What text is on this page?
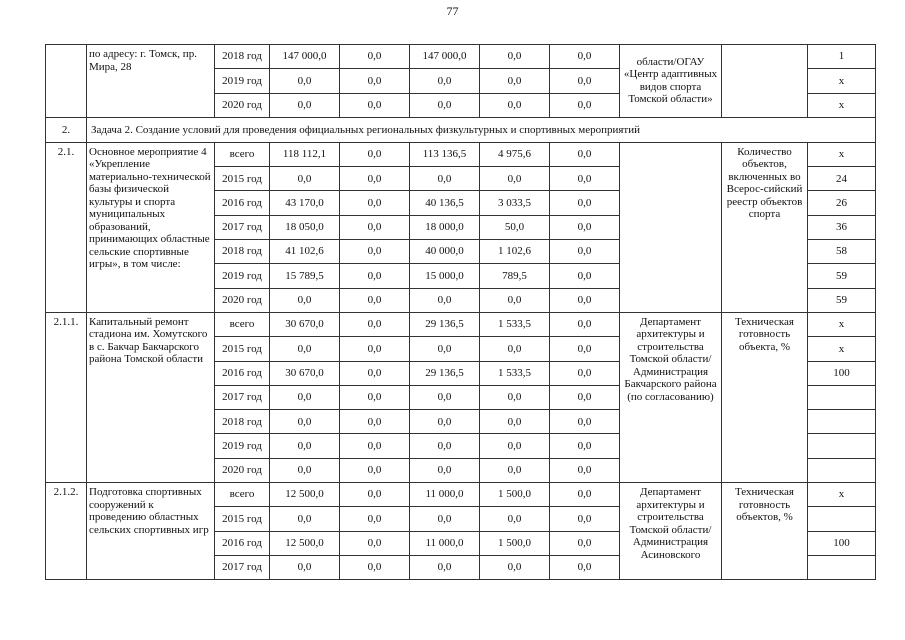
77
	по адресу: г. Томск, пр. Мира, 28	2018 год	147 000,0	0,0	147 000,0	0,0	0,0	области/ОГАУ «Центр адаптивных видов спорта Томской области»		1
		2019 год	0,0	0,0	0,0	0,0	0,0			x
		2020 год	0,0	0,0	0,0	0,0	0,0			x
2.	Задача 2. Создание условий для проведения официальных региональных физкультурных и спортивных мероприятий									
2.1.	Основное мероприятие 4 «Укрепление материально-технической базы физической культуры и спорта муниципальных образований, принимающих областные сельские спортивные игры», в том числе:	всего	118 112,1	0,0	113 136,5	4 975,6	0,0		Количество объектов, включенных во Всерос-сийский реестр объектов спорта	x
		2015 год	0,0	0,0	0,0	0,0	0,0			24
		2016 год	43 170,0	0,0	40 136,5	3 033,5	0,0			26
		2017 год	18 050,0	0,0	18 000,0	50,0	0,0			36
		2018 год	41 102,6	0,0	40 000,0	1 102,6	0,0			58
		2019 год	15 789,5	0,0	15 000,0	789,5	0,0			59
		2020 год	0,0	0,0	0,0	0,0	0,0			59
2.1.1.	Капитальный ремонт стадиона им. Хомутского в с. Бакчар Бакчарского района Томской области	всего	30 670,0	0,0	29 136,5	1 533,5	0,0	Департамент архитектуры и строительства Томской области/ Администрация Бакчарского района (по согласованию)	Техническая готовность объекта, %	x
		2015 год	0,0	0,0	0,0	0,0	0,0			x
		2016 год	30 670,0	0,0	29 136,5	1 533,5	0,0			100
		2017 год	0,0	0,0	0,0	0,0	0,0			
		2018 год	0,0	0,0	0,0	0,0	0,0			
		2019 год	0,0	0,0	0,0	0,0	0,0			
		2020 год	0,0	0,0	0,0	0,0	0,0			
2.1.2.	Подготовка спортивных сооружений к проведению областных сельских спортивных игр	всего	12 500,0	0,0	11 000,0	1 500,0	0,0	Департамент архитектуры и строительства Томской области/ Администрация Асиновского	Техническая готовность объектов, %	x
		2015 год	0,0	0,0	0,0	0,0	0,0			
		2016 год	12 500,0	0,0	11 000,0	1 500,0	0,0			100
		2017 год	0,0	0,0	0,0	0,0	0,0			
